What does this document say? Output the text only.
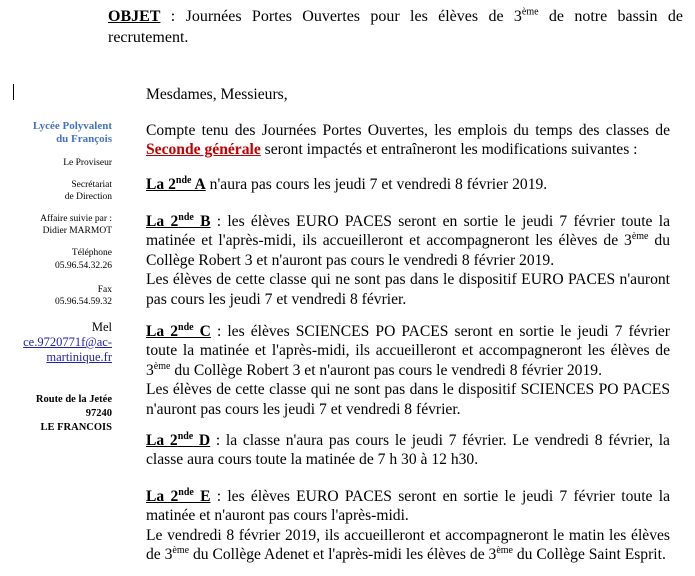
OBJET : Journées Portes Ouvertes pour les élèves de 3ème de notre bassin de recrutement.
Lycée Polyvalent
du François
Le Proviseur
Secrétariat
de Direction
Affaire suivie par :
Didier MARMOT
Téléphone
05.96.54.32.26
Fax
05.96.54.59.32
Mel
ce.9720771f@ac-
martinique.fr
Route de la Jetée
97240
LE FRANCOIS
Mesdames, Messieurs,
Compte tenu des Journées Portes Ouvertes, les emplois du temps des classes de Seconde générale seront impactés et entraîneront les modifications suivantes :
La 2nde A n'aura pas cours les jeudi 7 et vendredi 8 février 2019.
La 2nde B : les élèves EURO PACES seront en sortie le jeudi 7 février toute la matinée et l'après-midi, ils accueilleront et accompagneront les élèves de 3ème du Collège Robert 3 et n'auront pas cours le vendredi 8 février 2019.
Les élèves de cette classe qui ne sont pas dans le dispositif EURO PACES n'auront pas cours les jeudi 7 et vendredi 8 février.
La 2nde C : les élèves SCIENCES PO PACES seront en sortie le jeudi 7 février toute la matinée et l'après-midi, ils accueilleront et accompagneront les élèves de 3ème du Collège Robert 3 et n'auront pas cours le vendredi 8 février 2019.
Les élèves de cette classe qui ne sont pas dans le dispositif SCIENCES PO PACES n'auront pas cours les jeudi 7 et vendredi 8 février.
La 2nde D : la classe n'aura pas cours le jeudi 7 février. Le vendredi 8 février, la classe aura cours toute la matinée de 7 h 30 à 12 h30.
La 2nde E : les élèves EURO PACES seront en sortie le jeudi 7 février toute la matinée et n'auront pas cours l'après-midi.
Le vendredi 8 février 2019, ils accueilleront et accompagneront le matin les élèves de 3ème du Collège Adenet et l'après-midi les élèves de 3ème du Collège Saint Esprit.
